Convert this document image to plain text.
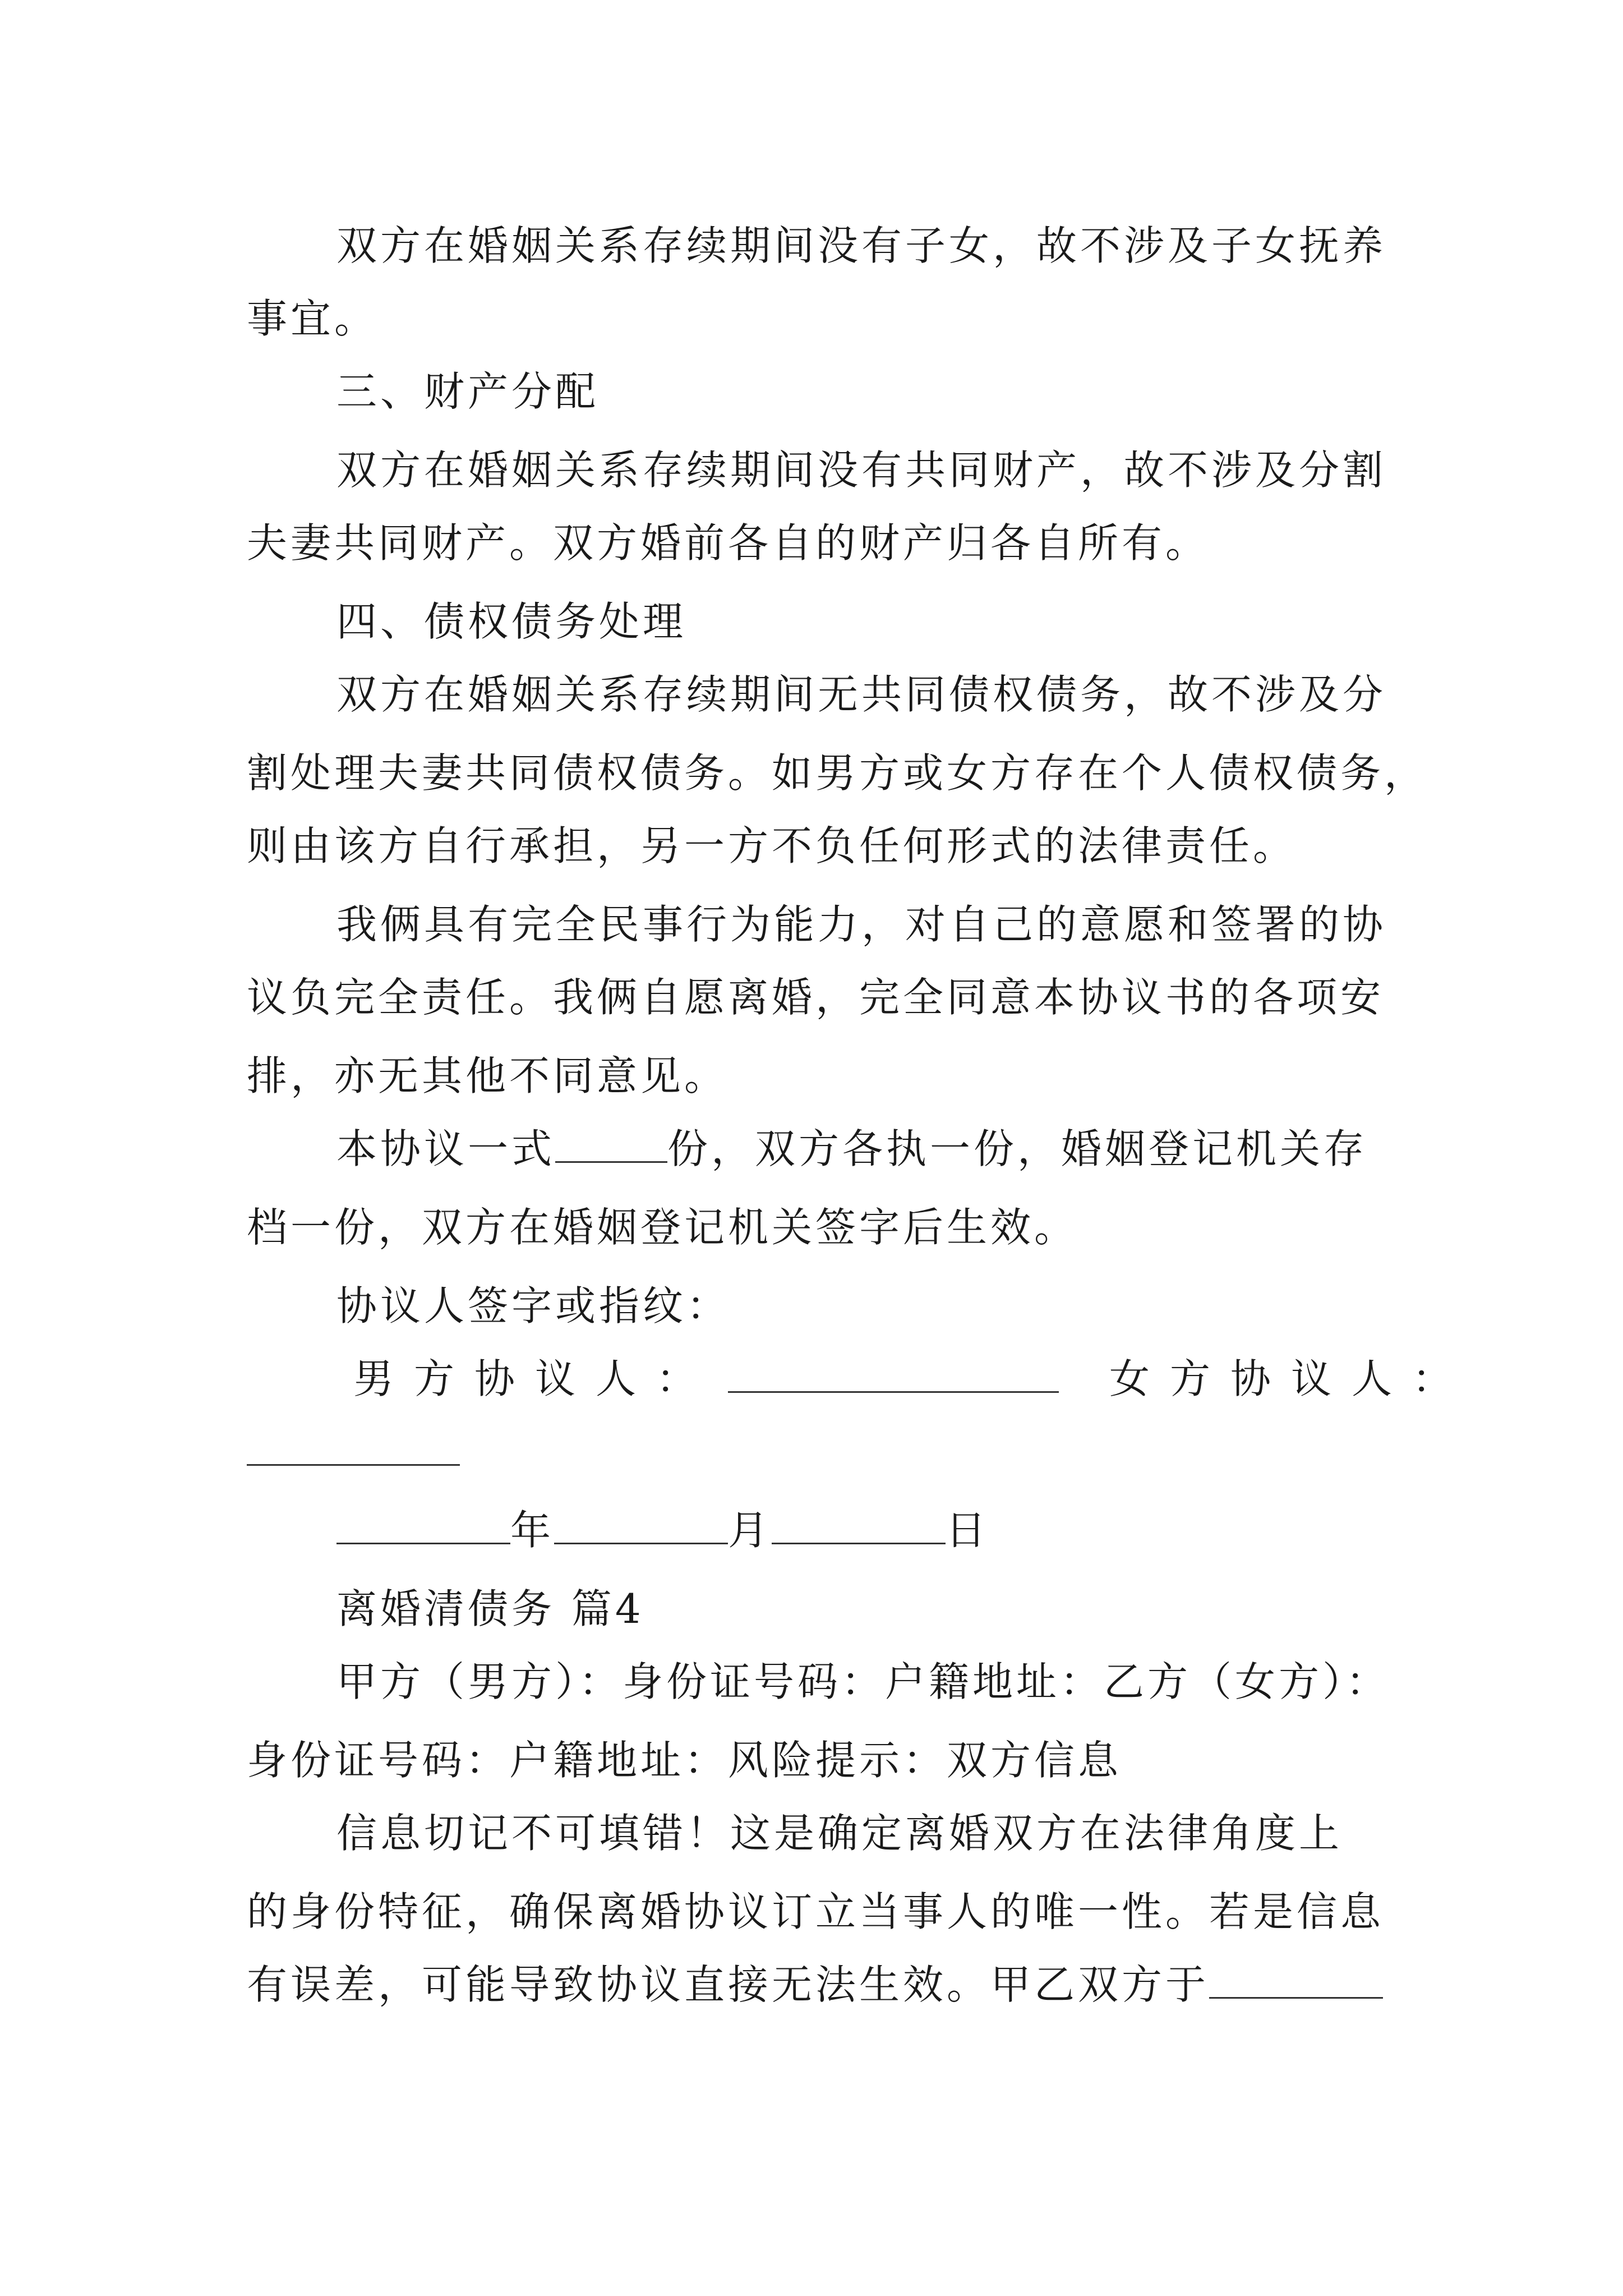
双方在婚姻关系存续期间没有子女，故不涉及子女抚养
事宜。
三、财产分配
双方在婚姻关系存续期间没有共同财产，故不涉及分割
夫妻共同财产。双方婚前各自的财产归各自所有。
四、债权债务处理
双方在婚姻关系存续期间无共同债权债务，故不涉及分
割处理夫妻共同债权债务。如男方或女方存在个人债权债务，
则由该方自行承担，另一方不负任何形式的法律责任。
我俩具有完全民事行为能力，对自己的意愿和签署的协
议负完全责任。我俩自愿离婚，完全同意本协议书的各项安
排，亦无其他不同意见。
本协议一式	份，双方各执一份，婚姻登记机关存
档一份，双方在婚姻登记机关签字后生效。
协议人签字或指纹：
男方协议人：	女方协议人：
年	月	日
离婚清债务 篇4
甲方（男方）：身份证号码：户籍地址：乙方（女方）：
身份证号码：户籍地址：风险提示：双方信息
信息切记不可填错！这是确定离婚双方在法律角度上
的身份特征，确保离婚协议订立当事人的唯一性。若是信息
有误差，可能导致协议直接无法生效。甲乙双方于
